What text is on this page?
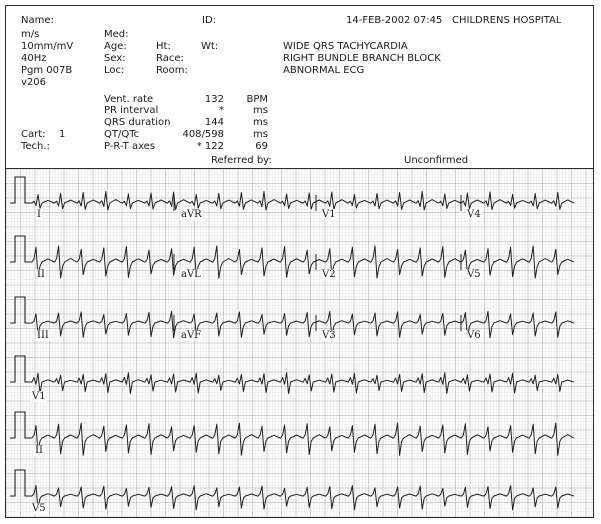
Name:
m/s
10mm/mV
40Hz
Pgm 007B
v206
Cart: 1
Tech.:
Med:
Age:	Ht:	Wt:
Sex:	Race:
Loc:	Room:
ID:	14-FEB-2002 07:45 CHILDRENS HOSPITAL
WIDE QRS TACHYCARDIA
RIGHT BUNDLE BRANCH BLOCK
ABNORMAL ECG
Vent. rate	132	BPM
PR interval	*	ms
QRS duration	144	ms
QT/QTc	408/598	ms
P-R-T axes	* 122	69
Referred by:	Unconfirmed
I	aVR	V1	V4
II	aVL	V2	V5
III	aVF	V3	V6
V1
II
V5
